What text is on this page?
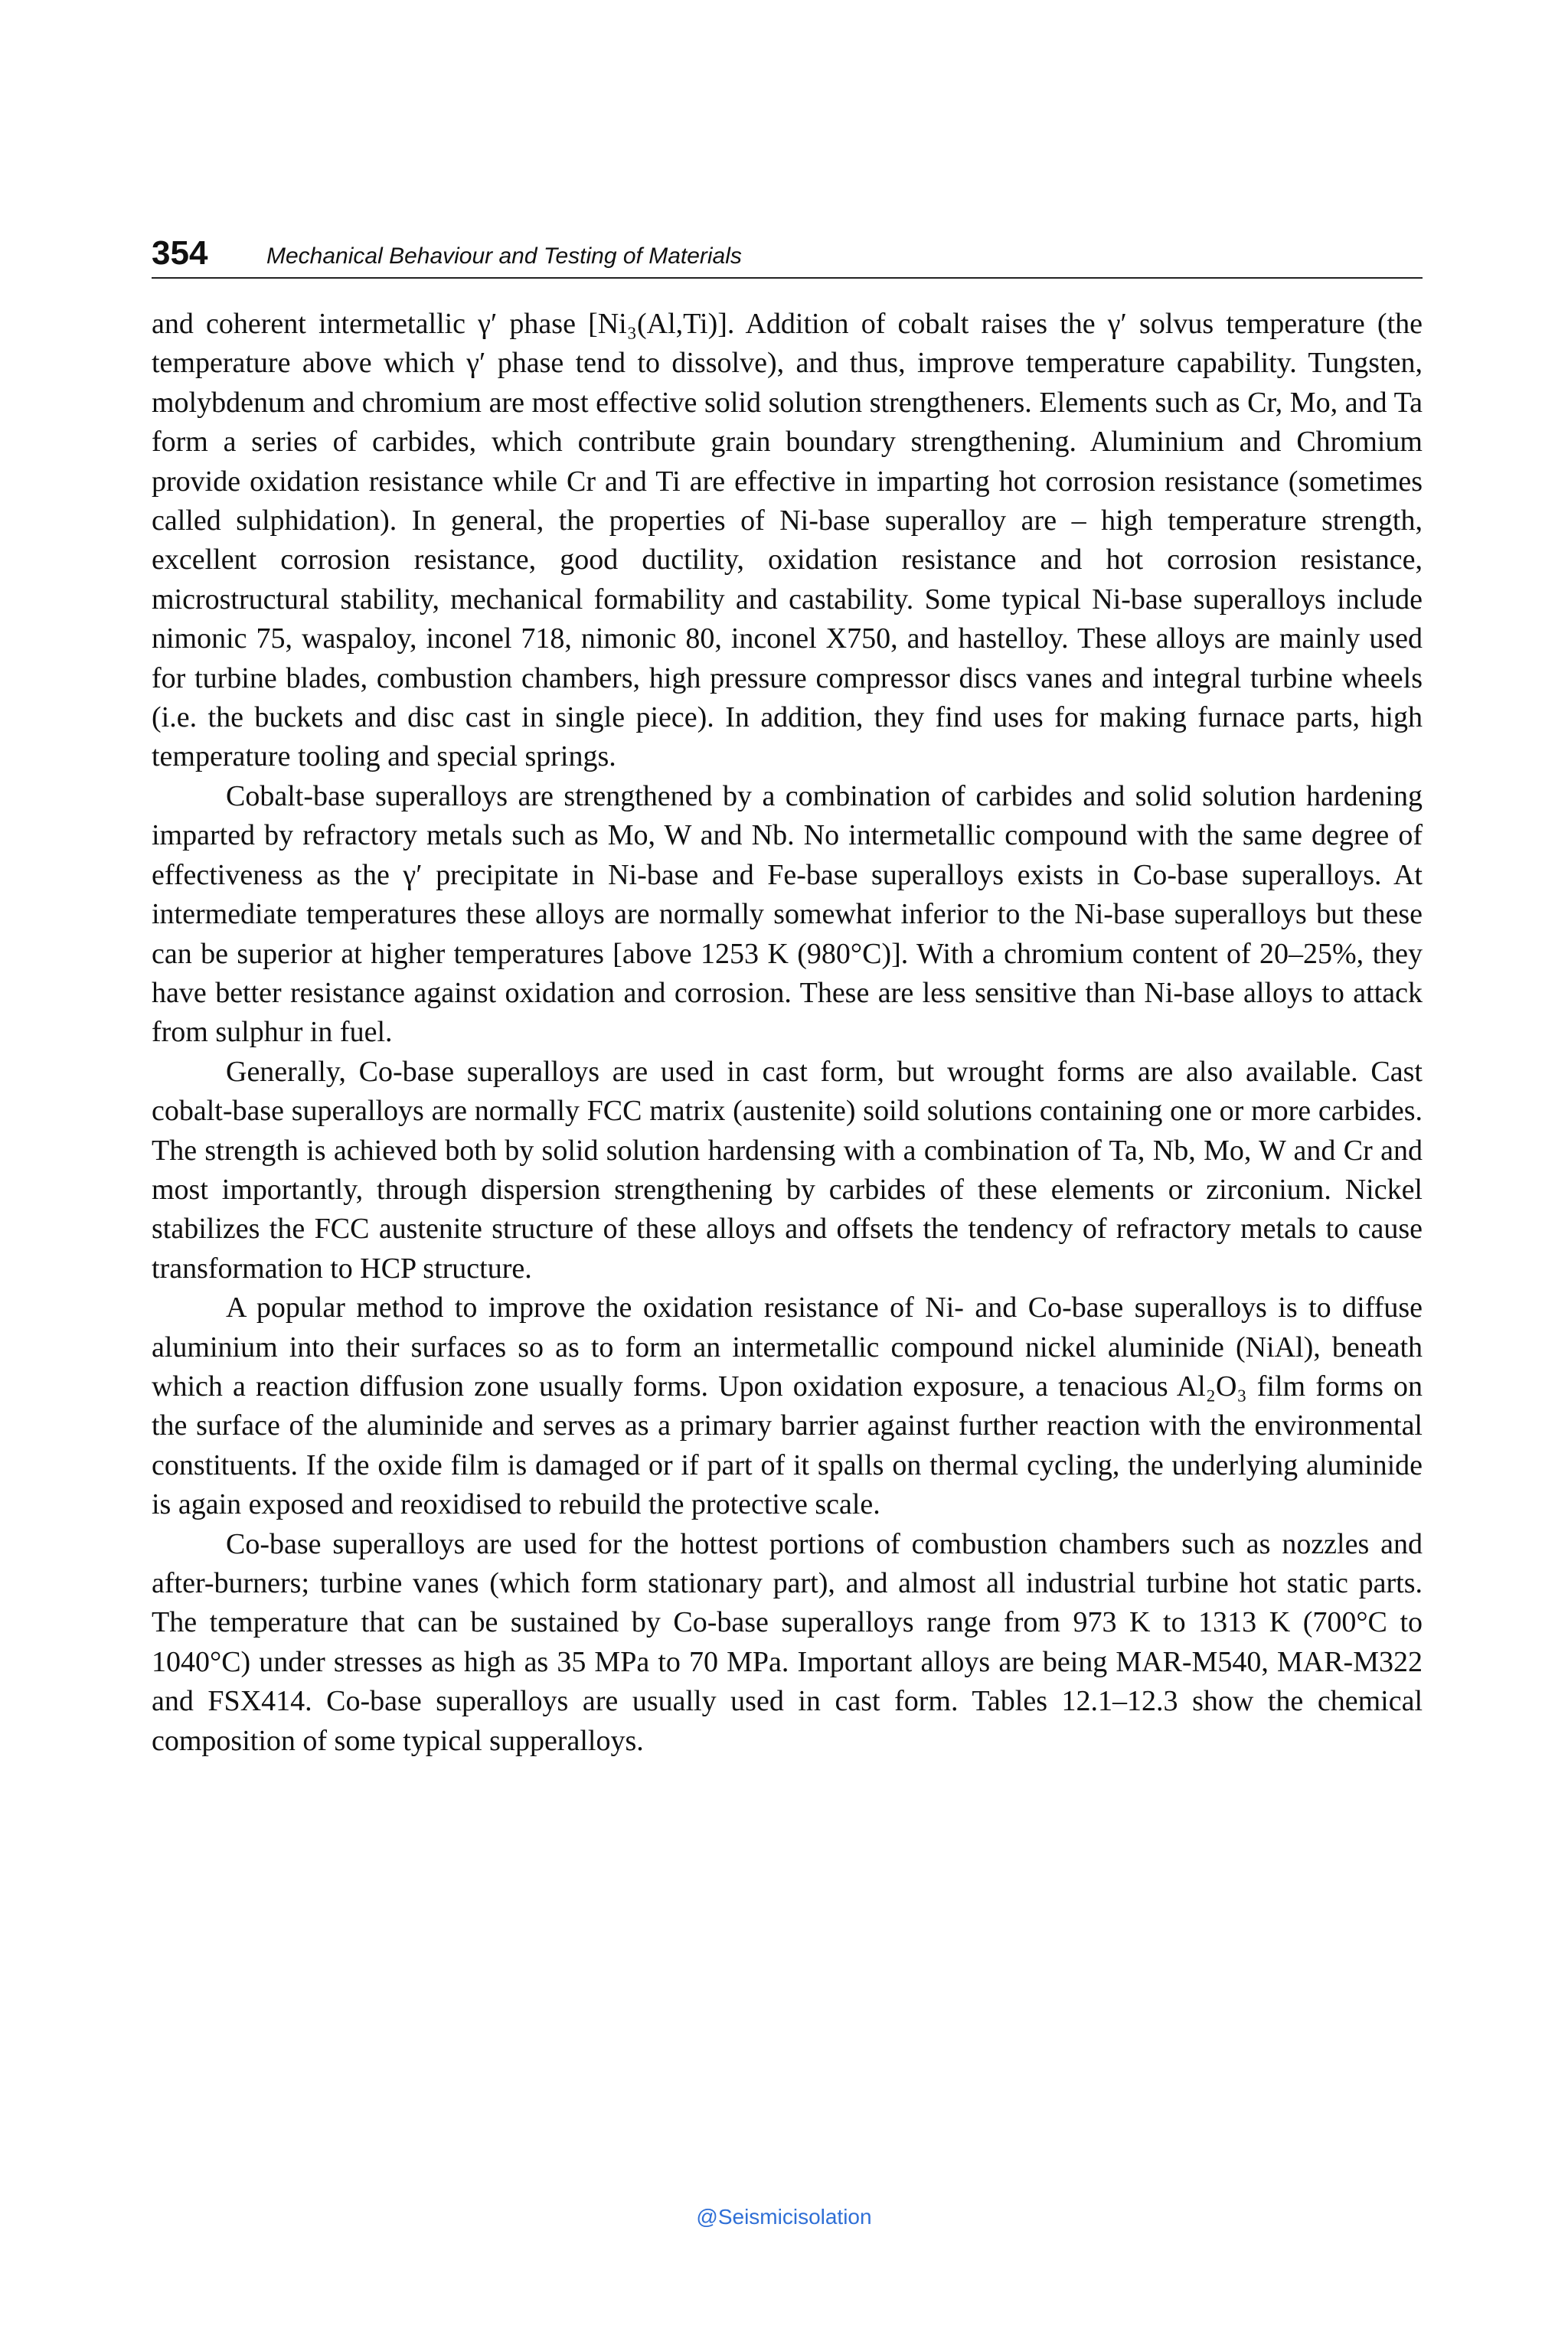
354	Mechanical Behaviour and Testing of Materials

and coherent intermetallic γ′ phase [Ni₃(Al,Ti)]. Addition of cobalt raises the γ′ solvus temperature (the temperature above which γ′ phase tend to dissolve), and thus, improve temperature capability. Tungsten, molybdenum and chromium are most effective solid solution strengtheners. Elements such as Cr, Mo, and Ta form a series of carbides, which contribute grain boundary strengthening. Aluminium and Chromium provide oxidation resistance while Cr and Ti are effective in imparting hot corrosion resistance (sometimes called sulphidation). In general, the properties of Ni-base superalloy are – high temperature strength, excellent corrosion resistance, good ductility, oxidation resistance and hot corrosion resistance, microstructural stability, mechanical formability and castability. Some typical Ni-base superalloys include nimonic 75, waspaloy, inconel 718, nimonic 80, inconel X750, and hastelloy. These alloys are mainly used for turbine blades, combustion chambers, high pressure compressor discs vanes and integral turbine wheels (i.e. the buckets and disc cast in single piece). In addition, they find uses for making furnace parts, high temperature tooling and special springs.

Cobalt-base superalloys are strengthened by a combination of carbides and solid solution hardening imparted by refractory metals such as Mo, W and Nb. No intermetallic compound with the same degree of effectiveness as the γ′ precipitate in Ni-base and Fe-base superalloys exists in Co-base superalloys. At intermediate temperatures these alloys are normally somewhat inferior to the Ni-base superalloys but these can be superior at higher temperatures [above 1253 K (980°C)]. With a chromium content of 20–25%, they have better resistance against oxidation and corrosion. These are less sensitive than Ni-base alloys to attack from sulphur in fuel.

Generally, Co-base superalloys are used in cast form, but wrought forms are also available. Cast cobalt-base superalloys are normally FCC matrix (austenite) soild solutions containing one or more carbides. The strength is achieved both by solid solution hardensing with a combination of Ta, Nb, Mo, W and Cr and most importantly, through dispersion strengthening by carbides of these elements or zirconium. Nickel stabilizes the FCC austenite structure of these alloys and offsets the tendency of refractory metals to cause transformation to HCP structure.

A popular method to improve the oxidation resistance of Ni- and Co-base superalloys is to diffuse aluminium into their surfaces so as to form an intermetallic compound nickel aluminide (NiAl), beneath which a reaction diffusion zone usually forms. Upon oxidation exposure, a tenacious Al₂O₃ film forms on the surface of the aluminide and serves as a primary barrier against further reaction with the environmental constituents. If the oxide film is damaged or if part of it spalls on thermal cycling, the underlying aluminide is again exposed and reoxidised to rebuild the protective scale.

Co-base superalloys are used for the hottest portions of combustion chambers such as nozzles and after-burners; turbine vanes (which form stationary part), and almost all industrial turbine hot static parts. The temperature that can be sustained by Co-base superalloys range from 973 K to 1313 K (700°C to 1040°C) under stresses as high as 35 MPa to 70 MPa. Important alloys are being MAR-M540, MAR-M322 and FSX414. Co-base superalloys are usually used in cast form. Tables 12.1–12.3 show the chemical composition of some typical supperalloys.

@Seismicisolation
